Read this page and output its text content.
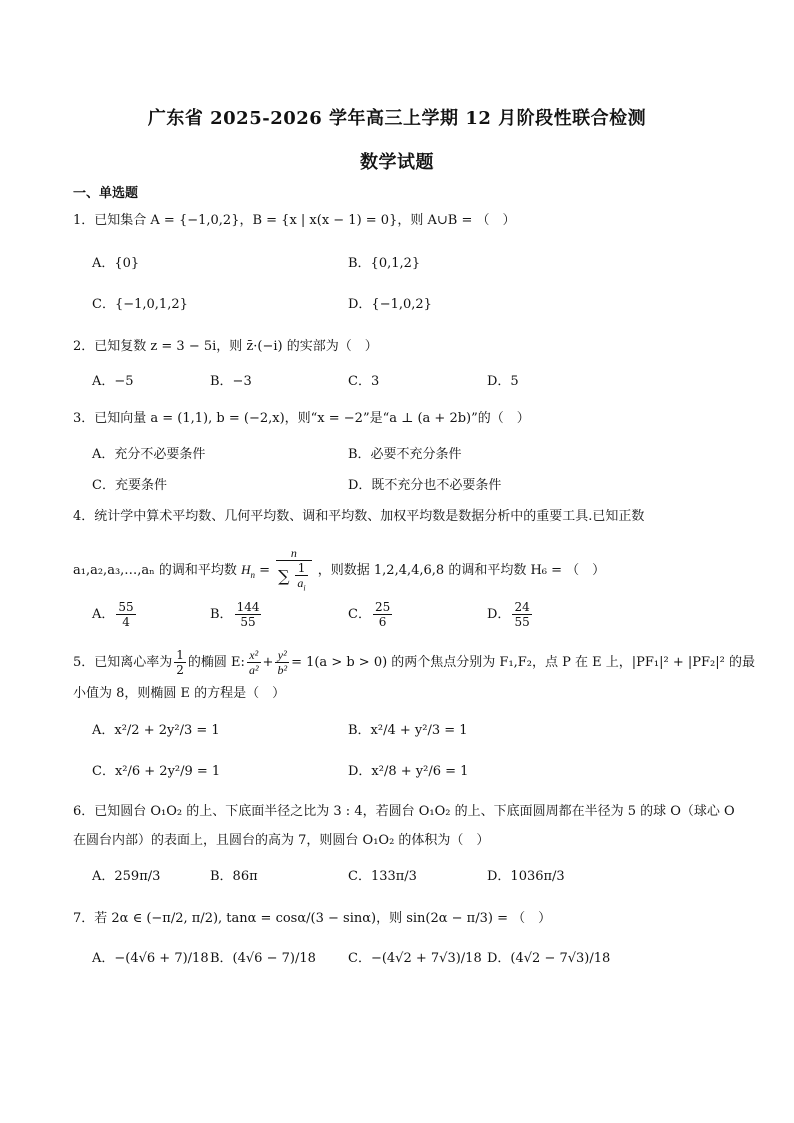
广东省 2025-2026 学年高三上学期 12 月阶段性联合检测
数学试题
一、单选题
1．已知集合 A = {−1,0,2}，B = {x | x(x − 1) = 0}，则 A∪B = （　）
A．{0}	B．{0,1,2}
C．{−1,0,1,2}	D．{−1,0,2}
2．已知复数 z = 3 − 5i，则 z̄·(−i) 的实部为（　）
A．−5	B．−3	C．3	D．5
3．已知向量 a = (1,1), b = (−2,x)，则“x = −2”是“a ⊥ (a + 2b)”的（　）
A．充分不必要条件	B．必要不充分条件
C．充要条件	D．既不充分也不必要条件
4．统计学中算术平均数、几何平均数、调和平均数、加权平均数是数据分析中的重要工具.已知正数
a₁,a₂,a₃,…,aₙ 的调和平均数 $H_n = \frac{n}{\sum \frac{1}{a_i}}$ ，则数据 1,2,4,4,6,8 的调和平均数 H₆ = （　）
A． $\frac{55}{4}$	B． $\frac{144}{55}$	C． $\frac{25}{6}$	D． $\frac{24}{55}$
5．已知离心率为 $\frac{1}{2}$ 的椭圆 E: $\frac{\text{x²}}{\text{a²}} + \frac{\text{y²}}{\text{b²}} = 1(a > b > 0)$ 的两个焦点分别为 F₁,F₂，点 P 在 E 上，|PF₁|² + |PF₂|² 的最
小值为 8，则椭圆 E 的方程是（　）
A．x²/2 + 2y²/3 = 1	B．x²/4 + y²/3 = 1
C．x²/6 + 2y²/9 = 1	D．x²/8 + y²/6 = 1
6．已知圆台 O₁O₂ 的上、下底面半径之比为 3 : 4，若圆台 O₁O₂ 的上、下底面圆周都在半径为 5 的球 O（球心 O
在圆台内部）的表面上，且圆台的高为 7，则圆台 O₁O₂ 的体积为（　）
A．259π/3	B．86π	C．133π/3	D．1036π/3
7．若 2α ∈ (−π/2, π/2), tanα = cosα/(3 − sinα)，则 sin(2α − π/3) = （　）
A．−(4√6 + 7)/18 B．(4√6 − 7)/18 C．−(4√2 + 7√3)/18 D．(4√2 − 7√3)/18
